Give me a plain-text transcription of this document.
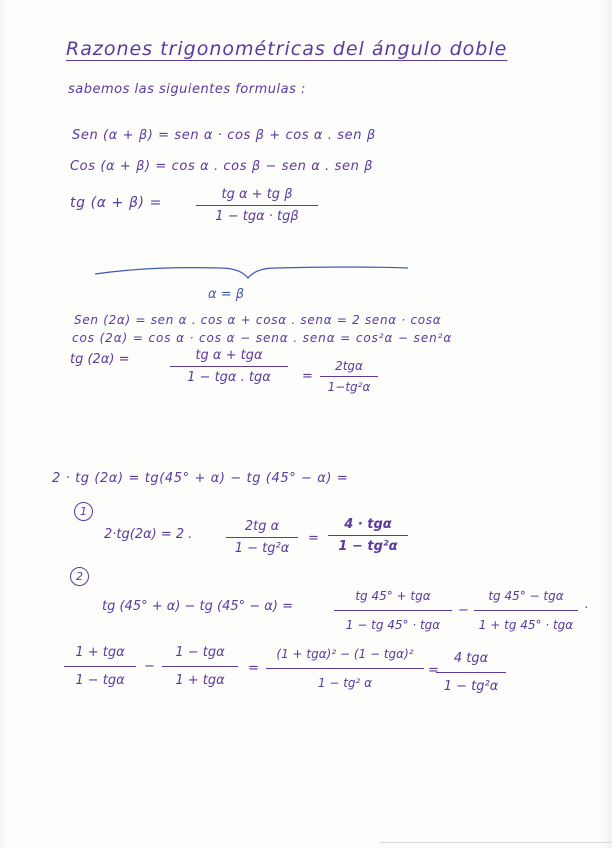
Razones trigonométricas del ángulo doble
sabemos las siguientes formulas :
Sen (α + β) = sen α · cos β + cos α . sen β
Cos (α + β) = cos α . cos β − sen α . sen β
tg (α + β) =
tg α + tg β
1 − tgα · tgβ
α = β
Sen (2α) = sen α . cos α + cosα . senα = 2 senα · cosα
cos (2α) = cos α · cos α − senα . senα = cos²α − sen²α
tg (2α) =	tg α + tgα
1 − tgα . tgα	=
2tgα
1−tg²α
2 · tg (2α) = tg(45° + α) − tg (45° − α) =
1
2·tg(2α) = 2 .
2tg α
1 − tg²α
=
4 · tgα
1 − tg²α
2
tg (45° + α) − tg (45° − α) =
tg 45° + tgα
1 − tg 45° · tgα
−
tg 45° − tgα
1 + tg 45° · tgα
·
1 + tgα
1 − tgα
−
1 − tgα
1 + tgα
=
(1 + tgα)² − (1 − tgα)²
1 − tg² α
=
4 tgα
1 − tg²α
